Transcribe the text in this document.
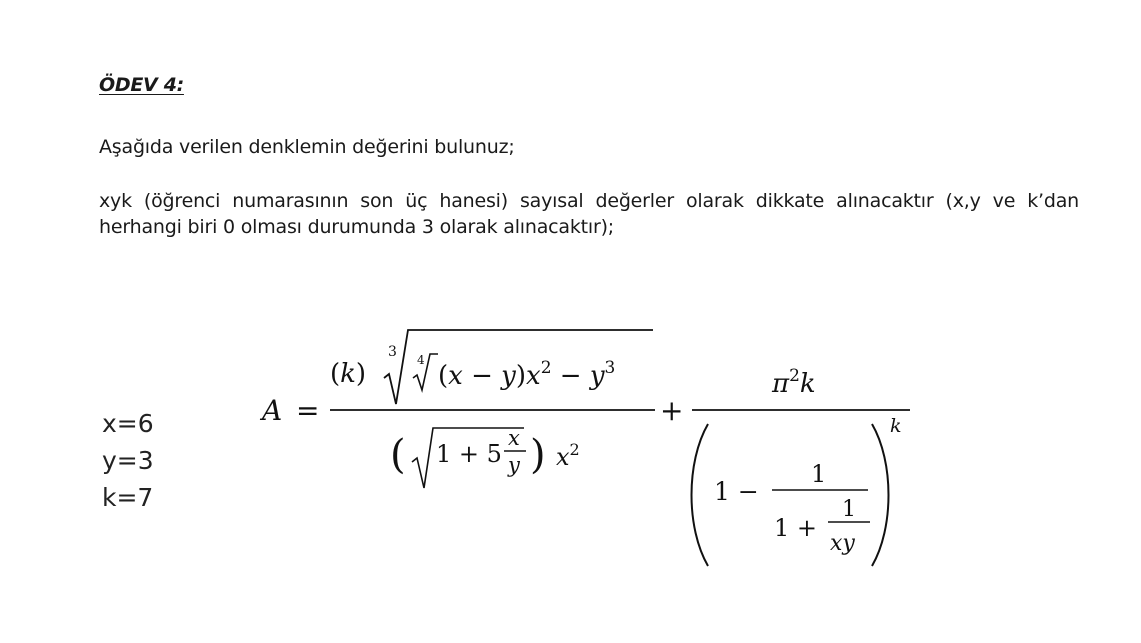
ÖDEV 4:
Aşağıda verilen denklemin değerini bulunuz;
xyk (öğrenci numarasının son üç hanesi) sayısal değerler olarak dikkate alınacaktır (x,y ve k’dan
herhangi biri 0 olması durumunda 3 olarak alınacaktır);
x=6
y=3
k=7
A =
(k)
3 4
$(x - y)x^2 - y^3$
( 1 + 5
x
y ) $x^2$
+
$\pi^2k$
1 −
1
1 +
1
xy
k
